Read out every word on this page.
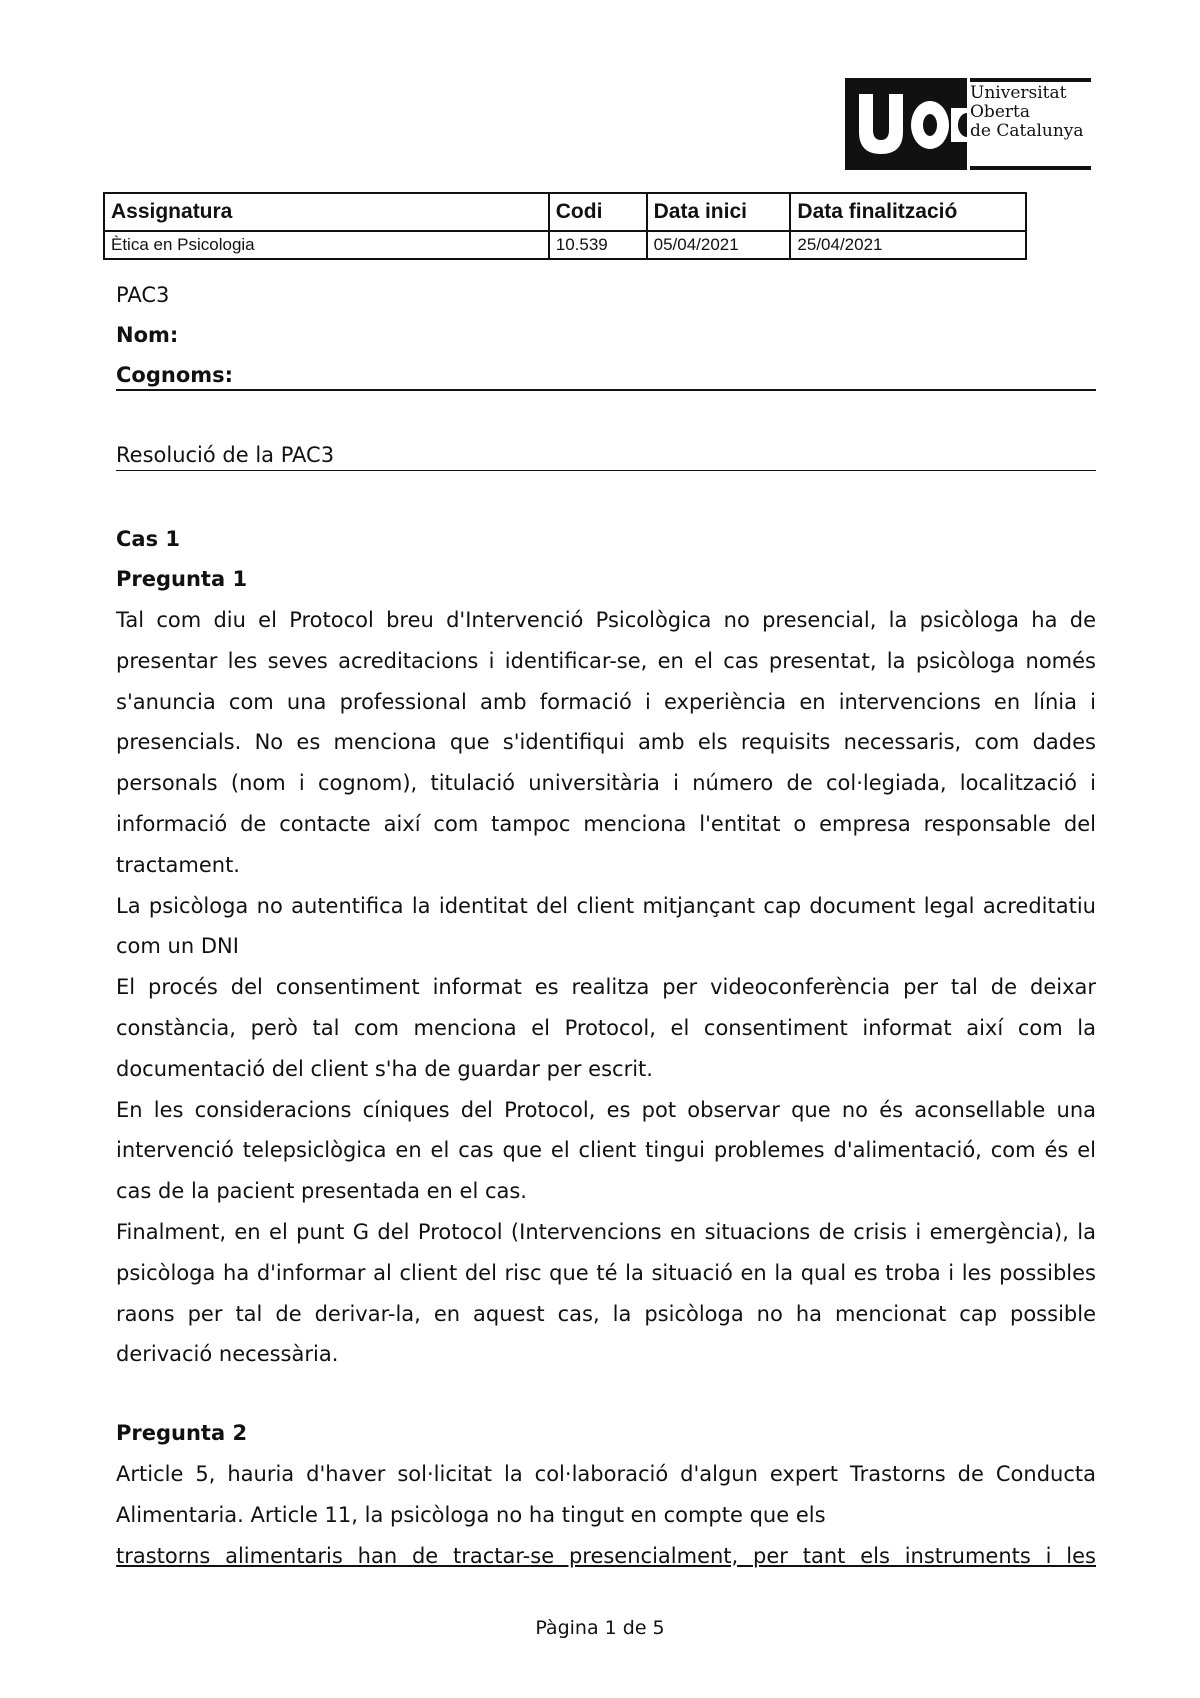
Universitat
Oberta
de Catalunya
Assignatura	Codi	Data inici	Data finalització
Ètica en Psicologia	10.539	05/04/2021	25/04/2021
PAC3
Nom:
Cognoms:
Resolució de la PAC3
Cas 1
Pregunta 1

Tal com diu el Protocol breu d'Intervenció Psicològica no presencial, la psicòloga ha de presentar les seves acreditacions i identificar-se, en el cas presentat, la psicòloga només s'anuncia com una professional amb formació i experiència en intervencions en línia i presencials. No es menciona que s'identifiqui amb els requisits necessaris, com dades personals (nom i cognom), titulació universitària i número de col·legiada, localització i informació de contacte així com tampoc menciona l'entitat o empresa responsable del tractament.

La psicòloga no autentifica la identitat del client mitjançant cap document legal acreditatiu com un DNI

El procés del consentiment informat es realitza per videoconferència per tal de deixar constància, però tal com menciona el Protocol, el consentiment informat així com la documentació del client s'ha de guardar per escrit.

En les consideracions cíniques del Protocol, es pot observar que no és aconsellable una intervenció telepsiclògica en el cas que el client tingui problemes d'alimentació, com és el cas de la pacient presentada en el cas.

Finalment, en el punt G del Protocol (Intervencions en situacions de crisis i emergència), la psicòloga ha d'informar al client del risc que té la situació en la qual es troba i les possibles raons per tal de derivar-la, en aquest cas, la psicòloga no ha mencionat cap possible derivació necessària.

Pregunta 2

Article 5, hauria d'haver sol·licitat la col·laboració d'algun expert Trastorns de Conducta Alimentaria. Article 11, la psicòloga no ha tingut en compte que els

trastorns alimentaris han de tractar-se presencialment, per tant els instruments i les

Pàgina 1 de 5
